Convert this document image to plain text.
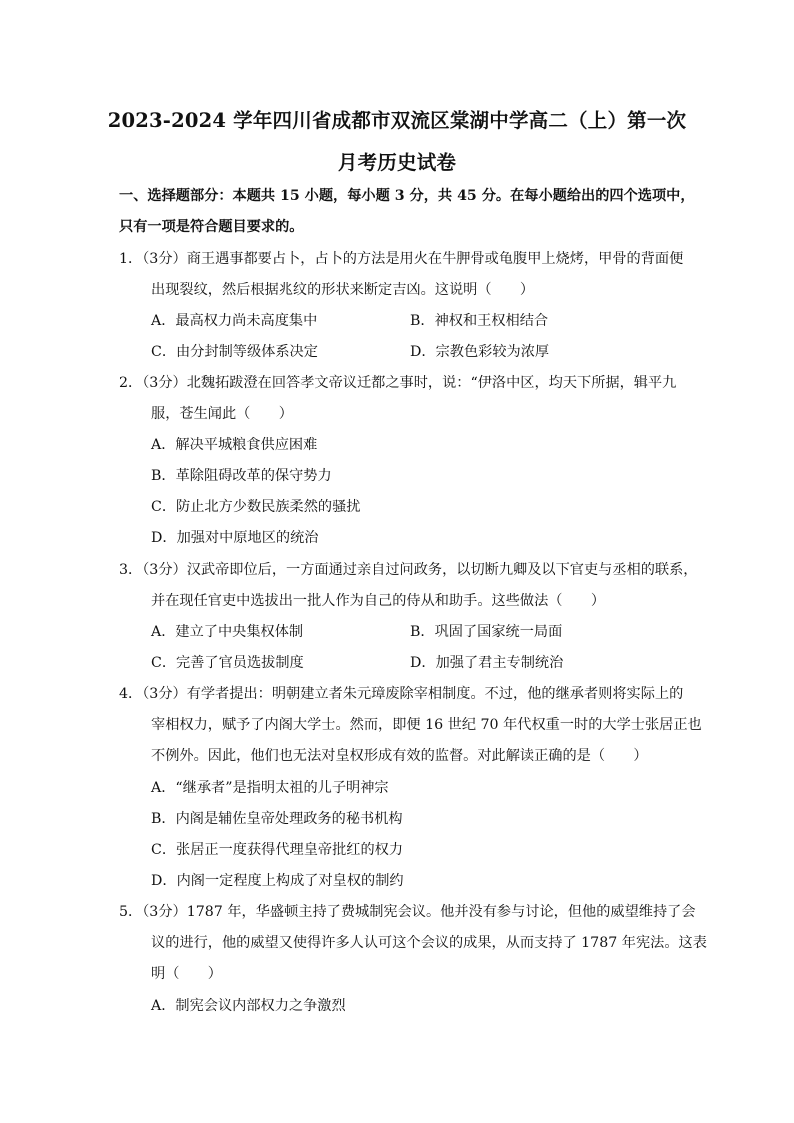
2023-2024 学年四川省成都市双流区棠湖中学高二（上）第一次
月考历史试卷
一、选择题部分：本题共 15 小题，每小题 3 分，共 45 分。在每小题给出的四个选项中，
只有一项是符合题目要求的。
1．（3分）商王遇事都要占卜，占卜的方法是用火在牛胛骨或龟腹甲上烧烤，甲骨的背面便
出现裂纹，然后根据兆纹的形状来断定吉凶。这说明（　　）
A．最高权力尚未高度集中	B．神权和王权相结合
C．由分封制等级体系决定	D．宗教色彩较为浓厚
2．（3分）北魏拓跋澄在回答孝文帝议迁都之事时，说：“伊洛中区，均天下所据，辑平九
服，苍生闻此（　　）
A．解决平城粮食供应困难
B．革除阻碍改革的保守势力
C．防止北方少数民族柔然的骚扰
D．加强对中原地区的统治
3．（3分）汉武帝即位后，一方面通过亲自过问政务，以切断九卿及以下官吏与丞相的联系，
并在现任官吏中选拔出一批人作为自己的侍从和助手。这些做法（　　）
A．建立了中央集权体制	B．巩固了国家统一局面
C．完善了官员选拔制度	D．加强了君主专制统治
4．（3分）有学者提出：明朝建立者朱元璋废除宰相制度。不过，他的继承者则将实际上的
宰相权力，赋予了内阁大学士。然而，即便 16 世纪 70 年代权重一时的大学士张居正也
不例外。因此，他们也无法对皇权形成有效的监督。对此解读正确的是（　　）
A．“继承者”是指明太祖的儿子明神宗
B．内阁是辅佐皇帝处理政务的秘书机构
C．张居正一度获得代理皇帝批红的权力
D．内阁一定程度上构成了对皇权的制约
5．（3分）1787 年，华盛顿主持了费城制宪会议。他并没有参与讨论，但他的威望维持了会
议的进行，他的威望又使得许多人认可这个会议的成果，从而支持了 1787 年宪法。这表
明（　　）
A．制宪会议内部权力之争激烈
